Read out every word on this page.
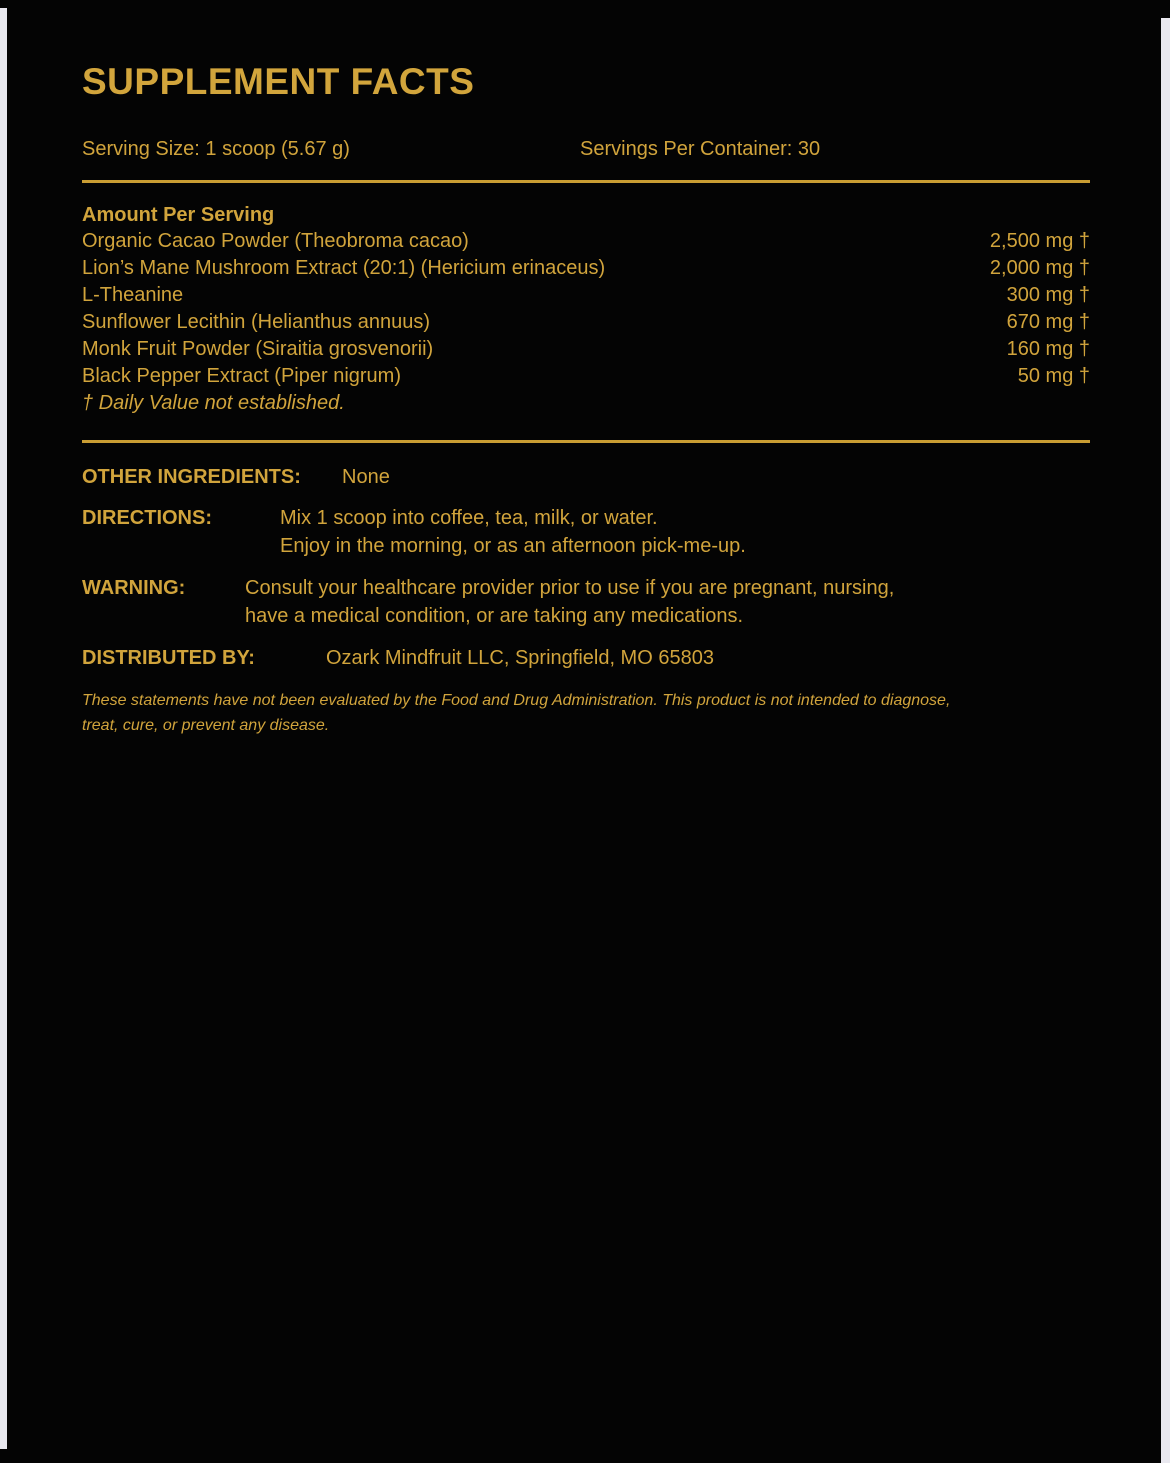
SUPPLEMENT FACTS
Serving Size: 1 scoop (5.67 g)	Servings Per Container: 30
Amount Per Serving
Organic Cacao Powder (Theobroma cacao)	2,500 mg †
Lion’s Mane Mushroom Extract (20:1) (Hericium erinaceus)	2,000 mg †
L-Theanine	300 mg †
Sunflower Lecithin (Helianthus annuus)	670 mg †
Monk Fruit Powder (Siraitia grosvenorii)	160 mg †
Black Pepper Extract (Piper nigrum)	50 mg †
† Daily Value not established.
OTHER INGREDIENTS:	None
DIRECTIONS:	Mix 1 scoop into coffee, tea, milk, or water.
Enjoy in the morning, or as an afternoon pick-me-up.
WARNING:	Consult your healthcare provider prior to use if you are pregnant, nursing,
have a medical condition, or are taking any medications.
DISTRIBUTED BY:	Ozark Mindfruit LLC, Springfield, MO 65803
These statements have not been evaluated by the Food and Drug Administration. This product is not intended to diagnose,
treat, cure, or prevent any disease.
